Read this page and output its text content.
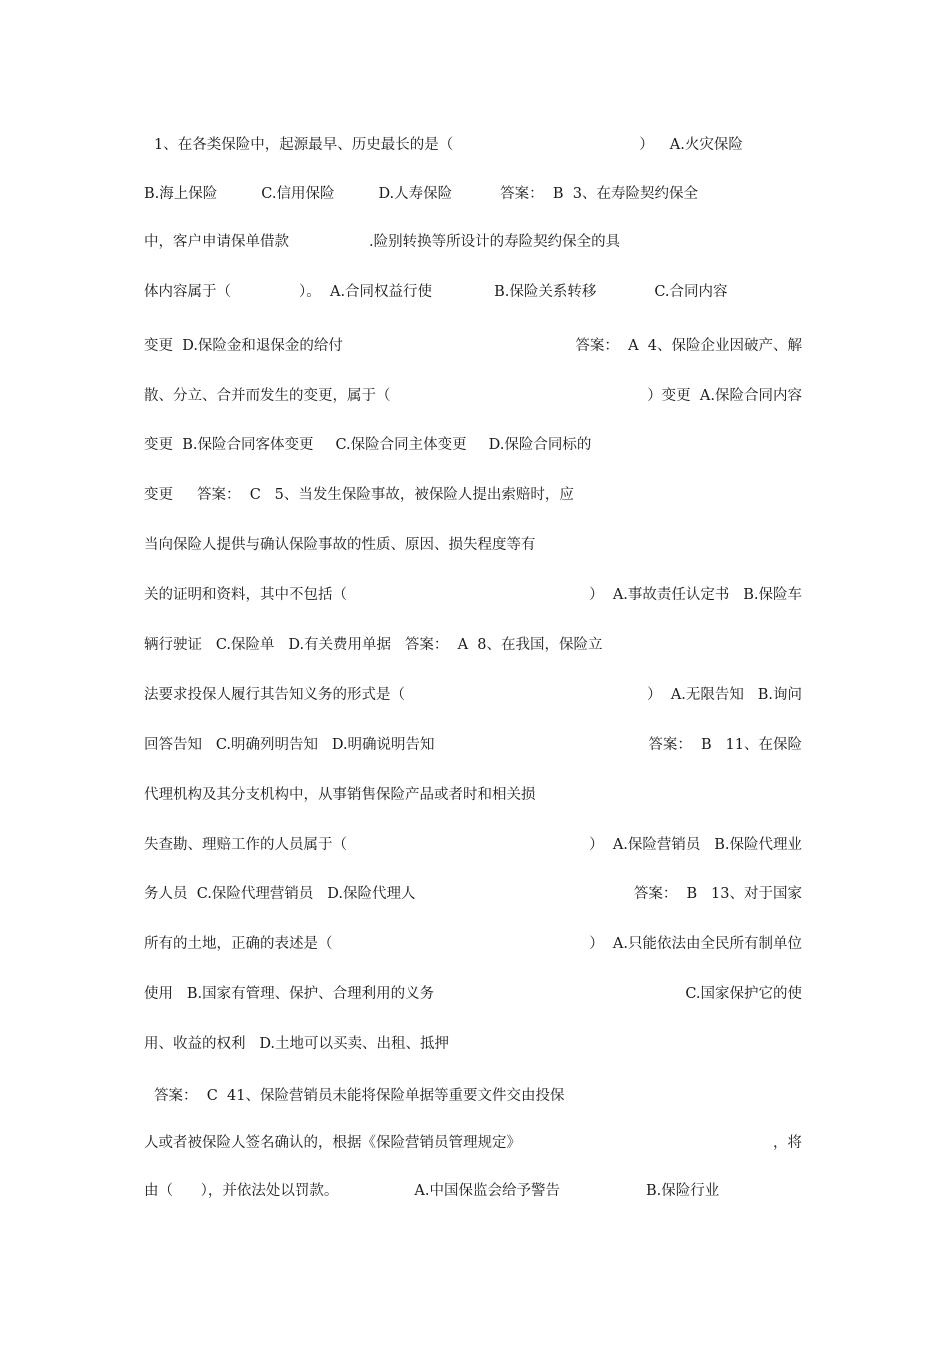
1、在各类保险中，起源最早、历史最长的是（	） A.火灾保险
B.海上保险	C.信用保险	D.人寿保险	答案：  B  3、在寿险契约保全
中，客户申请保单借款	.险别转换等所设计的寿险契约保全的具
体内容属于（	）。  A.合同权益行使	B.保险关系转移	C.合同内容
变更  D.保险金和退保金的给付	答案：  A  4、保险企业因破产、解
散、分立、合并而发生的变更，属于（	）变更  A.保险合同内容
变更  B.保险合同客体变更 C.保险合同主体变更 D.保险合同标的
变更 答案：  C   5、当发生保险事故，被保险人提出索赔时，应
当向保险人提供与确认保险事故的性质、原因、损失程度等有
关的证明和资料，其中不包括（	）  A.事故责任认定书   B.保险车
辆行驶证   C.保险单   D.有关费用单据   答案：  A  8、在我国，保险立
法要求投保人履行其告知义务的形式是（	）  A.无限告知   B.询问
回答告知   C.明确列明告知   D.明确说明告知	答案：  B   11、在保险
代理机构及其分支机构中，从事销售保险产品或者时和相关损
失查勘、理赔工作的人员属于（	）  A.保险营销员   B.保险代理业
务人员  C.保险代理营销员   D.保险代理人	答案：  B   13、对于国家
所有的土地，正确的表述是（	）  A.只能依法由全民所有制单位
使用   B.国家有管理、保护、合理利用的义务	C.国家保护它的使
用、收益的权利   D.土地可以买卖、出租、抵押
答案：  C  41、保险营销员未能将保险单据等重要文件交由投保
人或者被保险人签名确认的，根据《保险营销员管理规定》	，将
由（      ），并依法处以罚款。	A.中国保监会给予警告	B.保险行业
